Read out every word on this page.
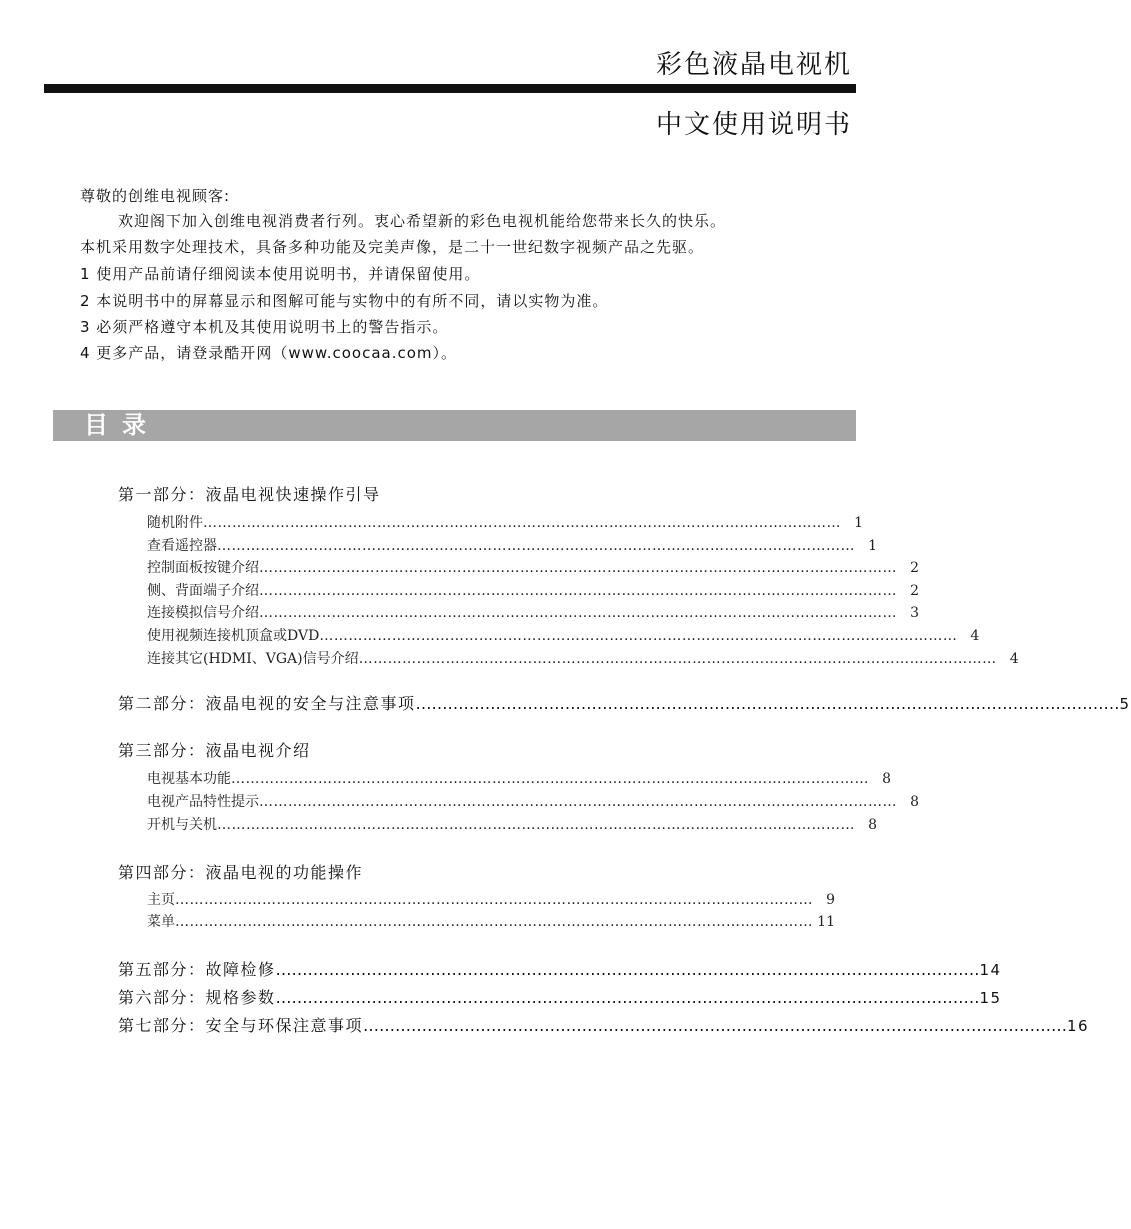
彩色液晶电视机
中文使用说明书
尊敬的创维电视顾客:
欢迎阁下加入创维电视消费者行列。衷心希望新的彩色电视机能给您带来长久的快乐。
本机采用数字处理技术，具备多种功能及完美声像，是二十一世纪数字视频产品之先驱。
1 使用产品前请仔细阅读本使用说明书，并请保留使用。
2 本说明书中的屏幕显示和图解可能与实物中的有所不同，请以实物为准。
3 必须严格遵守本机及其使用说明书上的警告指示。
4 更多产品，请登录酷开网（www.coocaa.com）。
目录
第一部分：液晶电视快速操作引导
随机附件 …………………………………………………………………………………………………………………… 1
查看遥控器 …………………………………………………………………………………………………………………… 1
控制面板按键介绍 …………………………………………………………………………………………………………………… 2
侧、背面端子介绍 …………………………………………………………………………………………………………………… 2
连接模拟信号介绍 …………………………………………………………………………………………………………………… 3
使用视频连接机顶盒或DVD …………………………………………………………………………………………………………………… 4
连接其它(HDMI、VGA)信号介绍 …………………………………………………………………………………………………………………… 4
第二部分：液晶电视的安全与注意事项 …………………………………………………………………………………………………………………… 5
第三部分：液晶电视介绍
电视基本功能 …………………………………………………………………………………………………………………… 8
电视产品特性提示 …………………………………………………………………………………………………………………… 8
开机与关机 …………………………………………………………………………………………………………………… 8
第四部分：液晶电视的功能操作
主页 …………………………………………………………………………………………………………………… 9
菜单 …………………………………………………………………………………………………………………… 11
第五部分：故障检修 …………………………………………………………………………………………………………………… 14
第六部分：规格参数 …………………………………………………………………………………………………………………… 15
第七部分：安全与环保注意事项 …………………………………………………………………………………………………………………… 16
